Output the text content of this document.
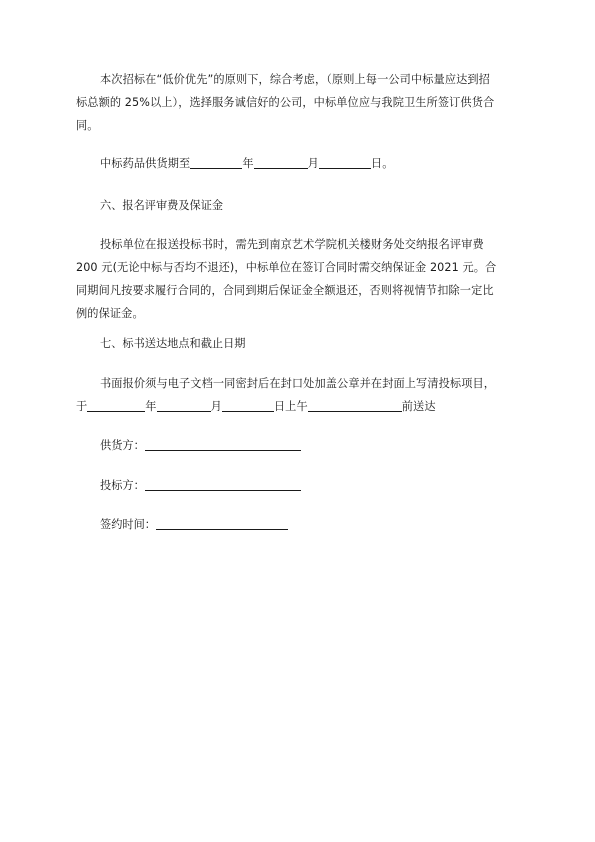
本次招标在“低价优先”的原则下，综合考虑，（原则上每一公司中标量应达到招
标总额的 25%以上），选择服务诚信好的公司，中标单位应与我院卫生所签订供货合
同。
中标药品供货期至	年	月	日。
六、报名评审费及保证金
投标单位在报送投标书时，需先到南京艺术学院机关楼财务处交纳报名评审费
200 元(无论中标与否均不退还)，中标单位在签订合同时需交纳保证金 2021 元。合
同期间凡按要求履行合同的，合同到期后保证金全额退还，否则将视情节扣除一定比
例的保证金。
七、标书送达地点和截止日期
书面报价须与电子文档一同密封后在封口处加盖公章并在封面上写清投标项目，
于	年	月	日上午	前送达
供货方：
投标方：
签约时间：
